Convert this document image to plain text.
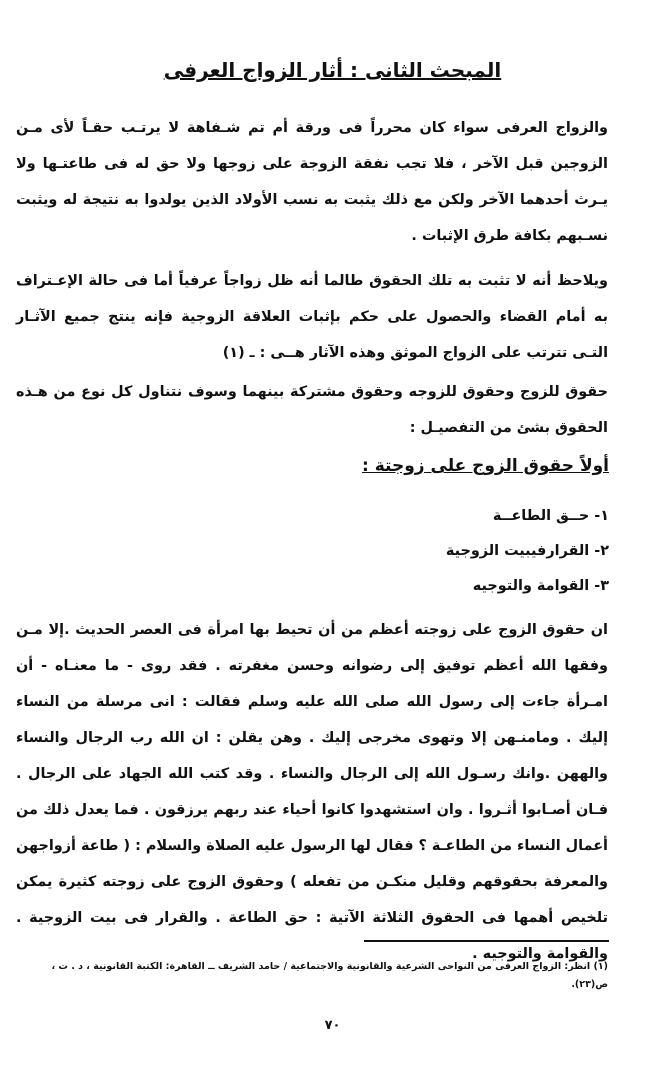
المبحث الثانى : أثار الزواج العرفى

والزواج العرفى سواء كان محرراً فى ورقة أم تم شـفاهة لا يرتـب حقـاً لأى مـن الزوجين قبل الآخر ، فلا تجب نفقة الزوجة على زوجها ولا حق له فى طاعتـها ولا يـرث أحدهما الآخر ولكن مع ذلك يثبت به نسب الأولاد الذين يولدوا به نتيجة له ويثبت نسـبهم بكافة طرق الإثبات .

ويلاحظ أنه لا تثبت به تلك الحقوق طالما أنه ظل زواجاً عرفياً أما فى حالة الإعـتراف به أمام القضاء والحصول على حكم بإثبات العلاقة الزوجية فإنه ينتج جميع الآثـار التـى تترتب على الزواج الموثق وهذه الآثار هــى : ـ (١)

حقوق للزوج وحقوق للزوجه وحقوق مشتركة بينهما وسوف نتناول كل نوع من هـذه الحقوق بشئ من التفصيـل :

أولاً حقوق الزوج على زوجتة :
١- حــق الطاعــة
٢- القرارفيبيت الزوجية
٣- القوامة والتوجيه

ان حقوق الزوج على زوجته أعظم من أن تحيط بها امرأة فى العصر الحديث .إلا مـن وفقها الله أعظم توفيق إلى رضوانه وحسن مغفرته . فقد روى - ما معنـاه - أن امـرأة جاءت إلى رسول الله صلى الله عليه وسلم فقالت : انى مرسلة من النساء إليك . ومامنـهن إلا وتهوى مخرجى إليك . وهن يقلن : ان الله رب الرجال والنساء والههن .وانك رسـول الله إلى الرجال والنساء . وقد كتب الله الجهاد على الرجال . فـان أصـابوا أثـروا . وان استشهدوا كانوا أحياء عند ربهم يرزقون . فما يعدل ذلك من أعمال النساء من الطاعـة ؟ فقال لها الرسول عليه الصلاة والسلام : ( طاعة أزواجهن والمعرفة بحقوقهم وقليل منكـن من تفعله ) وحقوق الزوج على زوجته كثيرة يمكن تلخيص أهمها فى الحقوق الثلاثة الآتية : حق الطاعة . والقرار فى بيت الزوجية . والقوامة والتوجيه .

(١) انظر: الزواج العرفى من النواحى الشرعية والقانونية والاجتماعية / حامد الشريف ــ القاهرة: الكتبة القانونية ، د . ت ، ص(٢٣).
٧٠
